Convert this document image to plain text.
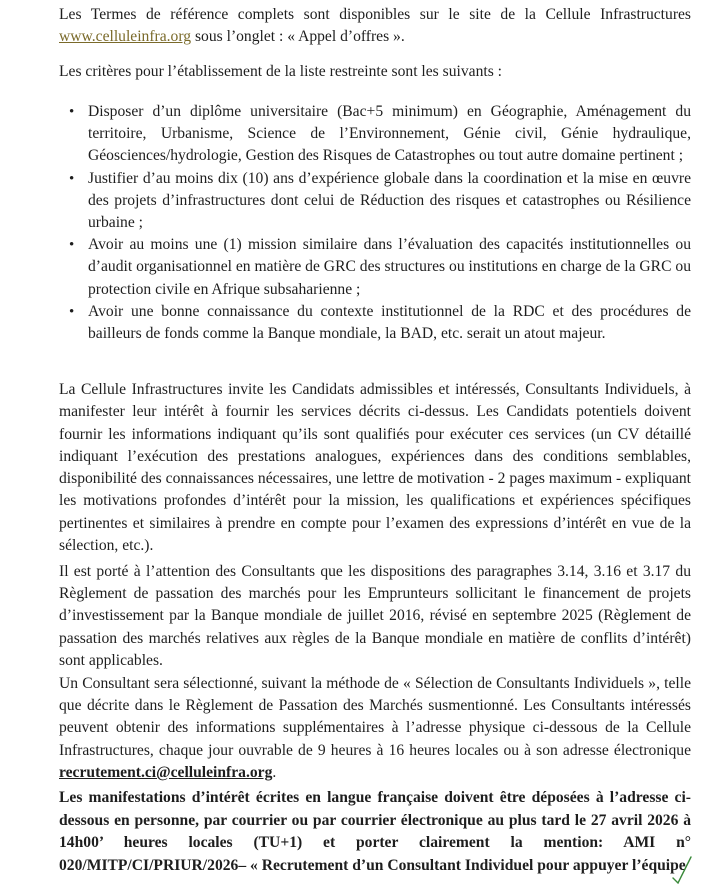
Les Termes de référence complets sont disponibles sur le site de la Cellule Infrastructures www.celluleinfra.org sous l’onglet : « Appel d’offres ».

Les critères pour l’établissement de la liste restreinte sont les suivants :

• Disposer d’un diplôme universitaire (Bac+5 minimum) en Géographie, Aménagement du territoire, Urbanisme, Science de l’Environnement, Génie civil, Génie hydraulique, Géosciences/hydrologie, Gestion des Risques de Catastrophes ou tout autre domaine pertinent ;
• Justifier d’au moins dix (10) ans d’expérience globale dans la coordination et la mise en œuvre des projets d’infrastructures dont celui de Réduction des risques et catastrophes ou Résilience urbaine ;
• Avoir au moins une (1) mission similaire dans l’évaluation des capacités institutionnelles ou d’audit organisationnel en matière de GRC des structures ou institutions en charge de la GRC ou protection civile en Afrique subsaharienne ;
• Avoir une bonne connaissance du contexte institutionnel de la RDC et des procédures de bailleurs de fonds comme la Banque mondiale, la BAD, etc. serait un atout majeur.

La Cellule Infrastructures invite les Candidats admissibles et intéressés, Consultants Individuels, à manifester leur intérêt à fournir les services décrits ci-dessus. Les Candidats potentiels doivent fournir les informations indiquant qu’ils sont qualifiés pour exécuter ces services (un CV détaillé indiquant l’exécution des prestations analogues, expériences dans des conditions semblables, disponibilité des connaissances nécessaires, une lettre de motivation - 2 pages maximum - expliquant les motivations profondes d’intérêt pour la mission, les qualifications et expériences spécifiques pertinentes et similaires à prendre en compte pour l’examen des expressions d’intérêt en vue de la sélection, etc.).

Il est porté à l’attention des Consultants que les dispositions des paragraphes 3.14, 3.16 et 3.17 du Règlement de passation des marchés pour les Emprunteurs sollicitant le financement de projets d’investissement par la Banque mondiale de juillet 2016, révisé en septembre 2025 (Règlement de passation des marchés relatives aux règles de la Banque mondiale en matière de conflits d’intérêt) sont applicables.

Un Consultant sera sélectionné, suivant la méthode de « Sélection de Consultants Individuels », telle que décrite dans le Règlement de Passation des Marchés susmentionné. Les Consultants intéressés peuvent obtenir des informations supplémentaires à l’adresse physique ci-dessous de la Cellule Infrastructures, chaque jour ouvrable de 9 heures à 16 heures locales ou à son adresse électronique recrutement.ci@celluleinfra.org.

Les manifestations d’intérêt écrites en langue française doivent être déposées à l’adresse ci-dessous en personne, par courrier ou par courrier électronique au plus tard le 27 avril 2026 à 14h00’ heures locales (TU+1) et porter clairement la mention: AMI n° 020/MITP/CI/PRIUR/2026– « Recrutement d’un Consultant Individuel pour appuyer l’équipe
